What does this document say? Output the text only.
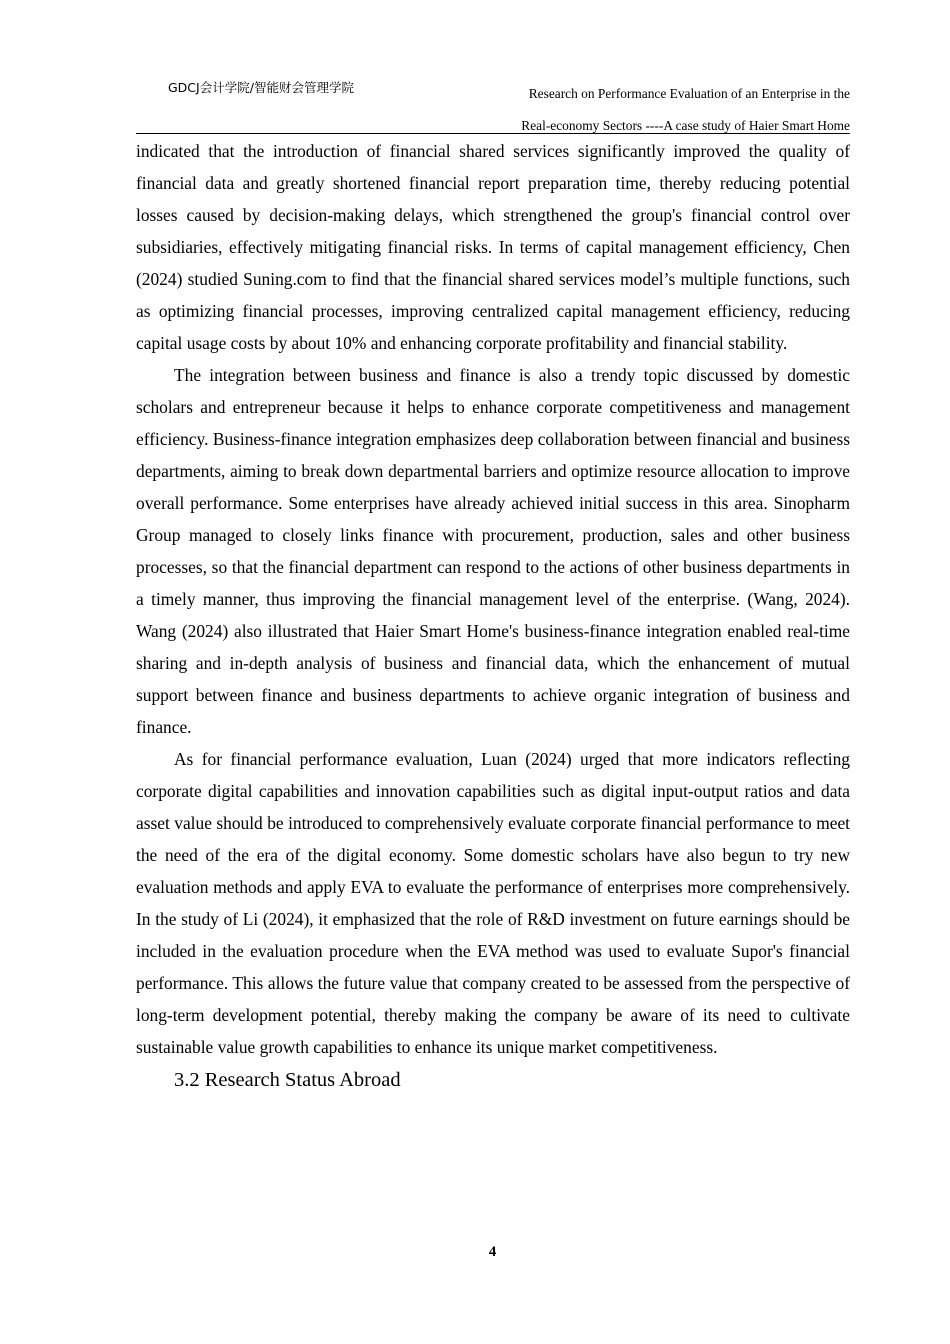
GDCJ会计学院/智能财会管理学院	Research on Performance Evaluation of an Enterprise in the
Real-economy Sectors ----A case study of Haier Smart Home

indicated that the introduction of financial shared services significantly improved the quality of financial data and greatly shortened financial report preparation time, thereby reducing potential losses caused by decision-making delays, which strengthened the group's financial control over subsidiaries, effectively mitigating financial risks. In terms of capital management efficiency, Chen (2024) studied Suning.com to find that the financial shared services model’s multiple functions, such as optimizing financial processes, improving centralized capital management efficiency, reducing capital usage costs by about 10% and enhancing corporate profitability and financial stability.

The integration between business and finance is also a trendy topic discussed by domestic scholars and entrepreneur because it helps to enhance corporate competitiveness and management efficiency. Business-finance integration emphasizes deep collaboration between financial and business departments, aiming to break down departmental barriers and optimize resource allocation to improve overall performance. Some enterprises have already achieved initial success in this area. Sinopharm Group managed to closely links finance with procurement, production, sales and other business processes, so that the financial department can respond to the actions of other business departments in a timely manner, thus improving the financial management level of the enterprise. (Wang, 2024). Wang (2024) also illustrated that Haier Smart Home's business-finance integration enabled real-time sharing and in-depth analysis of business and financial data, which the enhancement of mutual support between finance and business departments to achieve organic integration of business and finance.

As for financial performance evaluation, Luan (2024) urged that more indicators reflecting corporate digital capabilities and innovation capabilities such as digital input-output ratios and data asset value should be introduced to comprehensively evaluate corporate financial performance to meet the need of the era of the digital economy. Some domestic scholars have also begun to try new evaluation methods and apply EVA to evaluate the performance of enterprises more comprehensively. In the study of Li (2024), it emphasized that the role of R&D investment on future earnings should be included in the evaluation procedure when the EVA method was used to evaluate Supor's financial performance. This allows the future value that company created to be assessed from the perspective of long-term development potential, thereby making the company be aware of its need to cultivate sustainable value growth capabilities to enhance its unique market competitiveness.

3.2 Research Status Abroad
4
